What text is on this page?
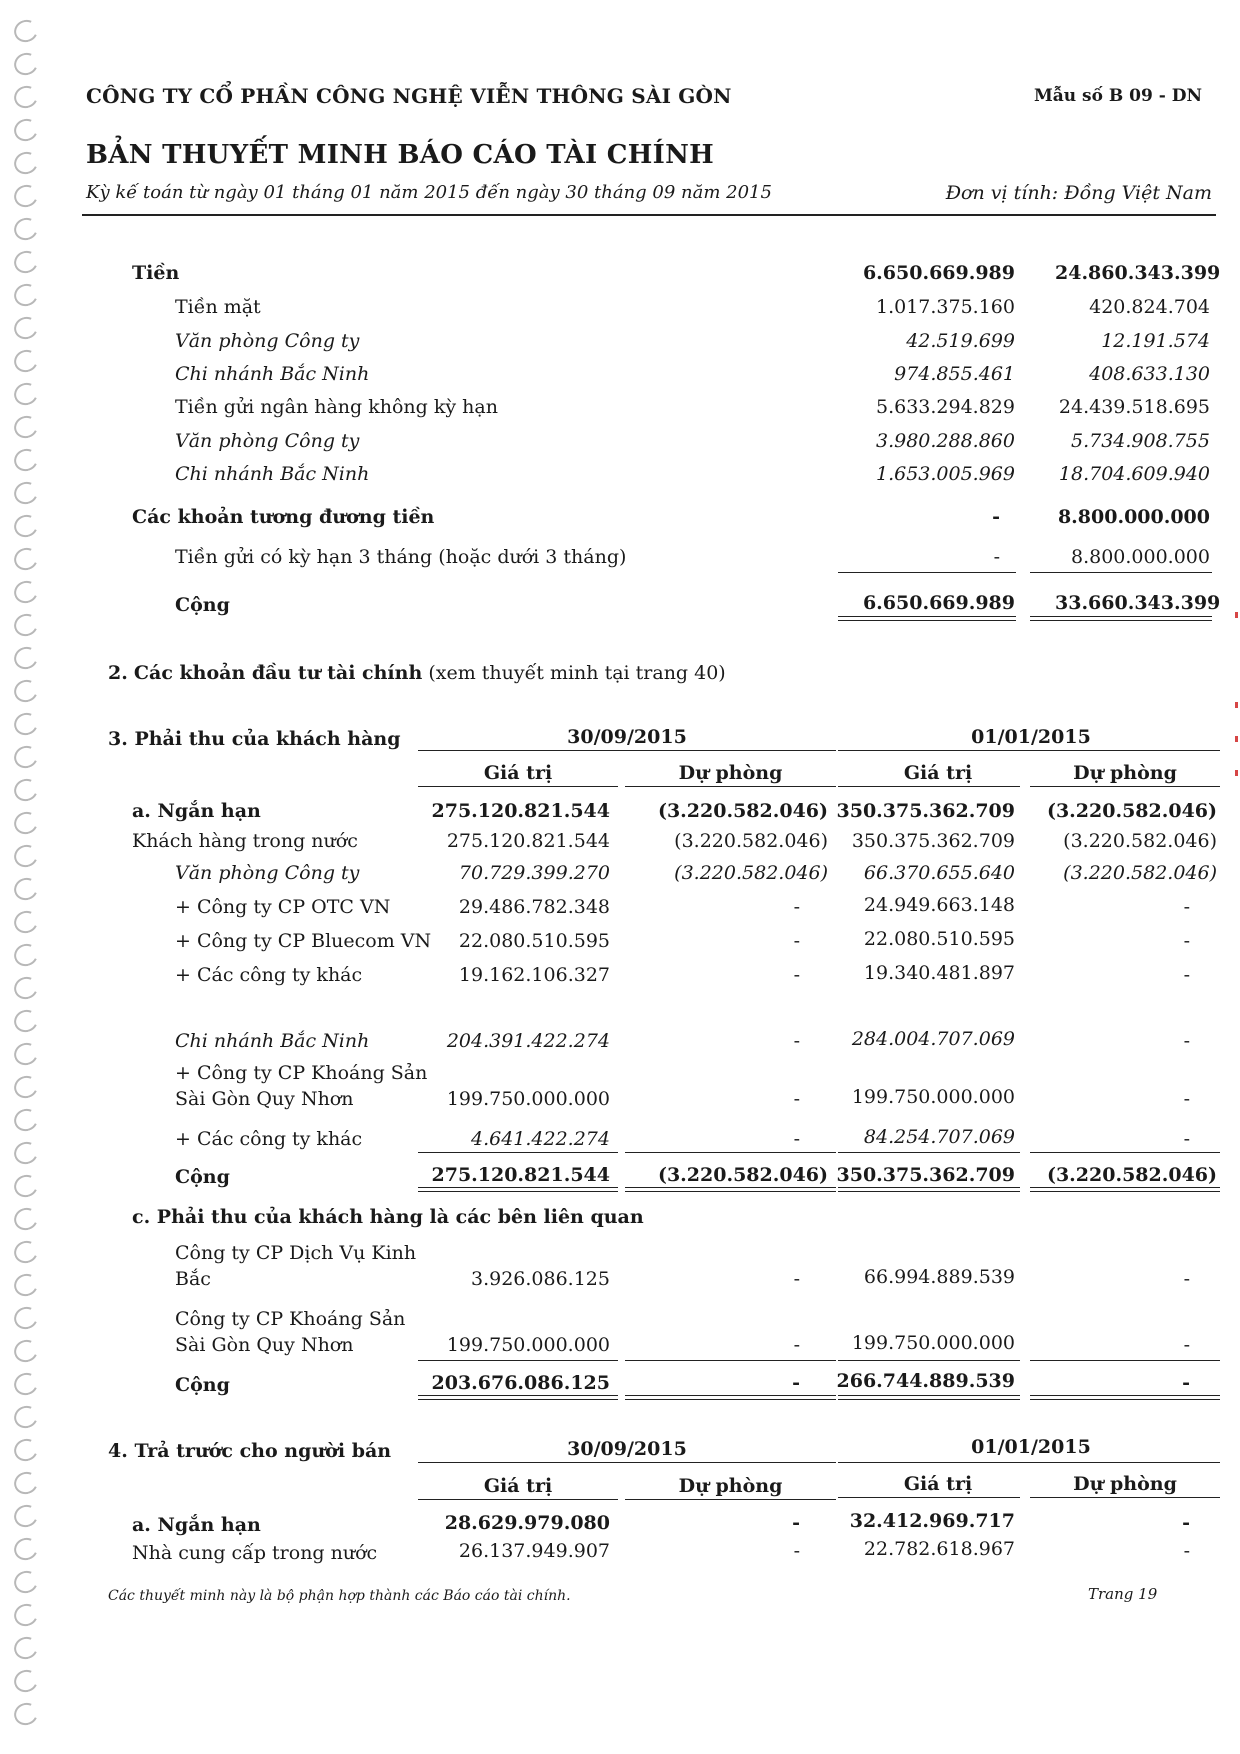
CÔNG TY CỔ PHẦN CÔNG NGHỆ VIỄN THÔNG SÀI GÒN	Mẫu số B 09 - DN
BẢN THUYẾT MINH BÁO CÁO TÀI CHÍNH
Kỳ kế toán từ ngày 01 tháng 01 năm 2015 đến ngày 30 tháng 09 năm 2015	Đơn vị tính: Đồng Việt Nam
Tiền	6.650.669.989 24.860.343.399
Tiền mặt	1.017.375.160	420.824.704
Văn phòng Công ty	42.519.699	12.191.574
Chi nhánh Bắc Ninh	974.855.461	408.633.130
Tiền gửi ngân hàng không kỳ hạn	5.633.294.829 24.439.518.695
Văn phòng Công ty	3.980.288.860	5.734.908.755
Chi nhánh Bắc Ninh	1.653.005.969 18.704.609.940
Các khoản tương đương tiền	-	8.800.000.000
Tiền gửi có kỳ hạn 3 tháng (hoặc dưới 3 tháng)	-	8.800.000.000
Cộng	6.650.669.989 33.660.343.399
2. Các khoản đầu tư tài chính (xem thuyết minh tại trang 40)
3. Phải thu của khách hàng	30/09/2015	01/01/2015
Giá trị	Dự phòng	Giá trị	Dự phòng
a. Ngắn hạn	275.120.821.544	(3.220.582.046) 350.375.362.709	(3.220.582.046)
Khách hàng trong nước	275.120.821.544	(3.220.582.046)	350.375.362.709	(3.220.582.046)
Văn phòng Công ty	70.729.399.270	(3.220.582.046)	66.370.655.640	(3.220.582.046)
+ Công ty CP OTC VN	29.486.782.348	-	24.949.663.148	-
+ Công ty CP Bluecom VN	22.080.510.595	-	22.080.510.595	-
+ Các công ty khác	19.162.106.327	-	19.340.481.897	-
Chi nhánh Bắc Ninh	204.391.422.274	-	284.004.707.069	-
+ Công ty CP Khoáng Sản
Sài Gòn Quy Nhơn	199.750.000.000	-	199.750.000.000	-
+ Các công ty khác	4.641.422.274	-	84.254.707.069	-
Cộng	275.120.821.544	(3.220.582.046) 350.375.362.709	(3.220.582.046)
c. Phải thu của khách hàng là các bên liên quan
Công ty CP Dịch Vụ Kinh
Bắc	3.926.086.125	-	66.994.889.539	-
Công ty CP Khoáng Sản
Sài Gòn Quy Nhơn	199.750.000.000	-	199.750.000.000	-
Cộng	203.676.086.125	-	266.744.889.539	-
4. Trả trước cho người bán	30/09/2015	01/01/2015
Giá trị	Dự phòng	Giá trị	Dự phòng
a. Ngắn hạn	28.629.979.080	-	32.412.969.717	-
Nhà cung cấp trong nước	26.137.949.907	-	22.782.618.967	-
Các thuyết minh này là bộ phận hợp thành các Báo cáo tài chính.	Trang 19
